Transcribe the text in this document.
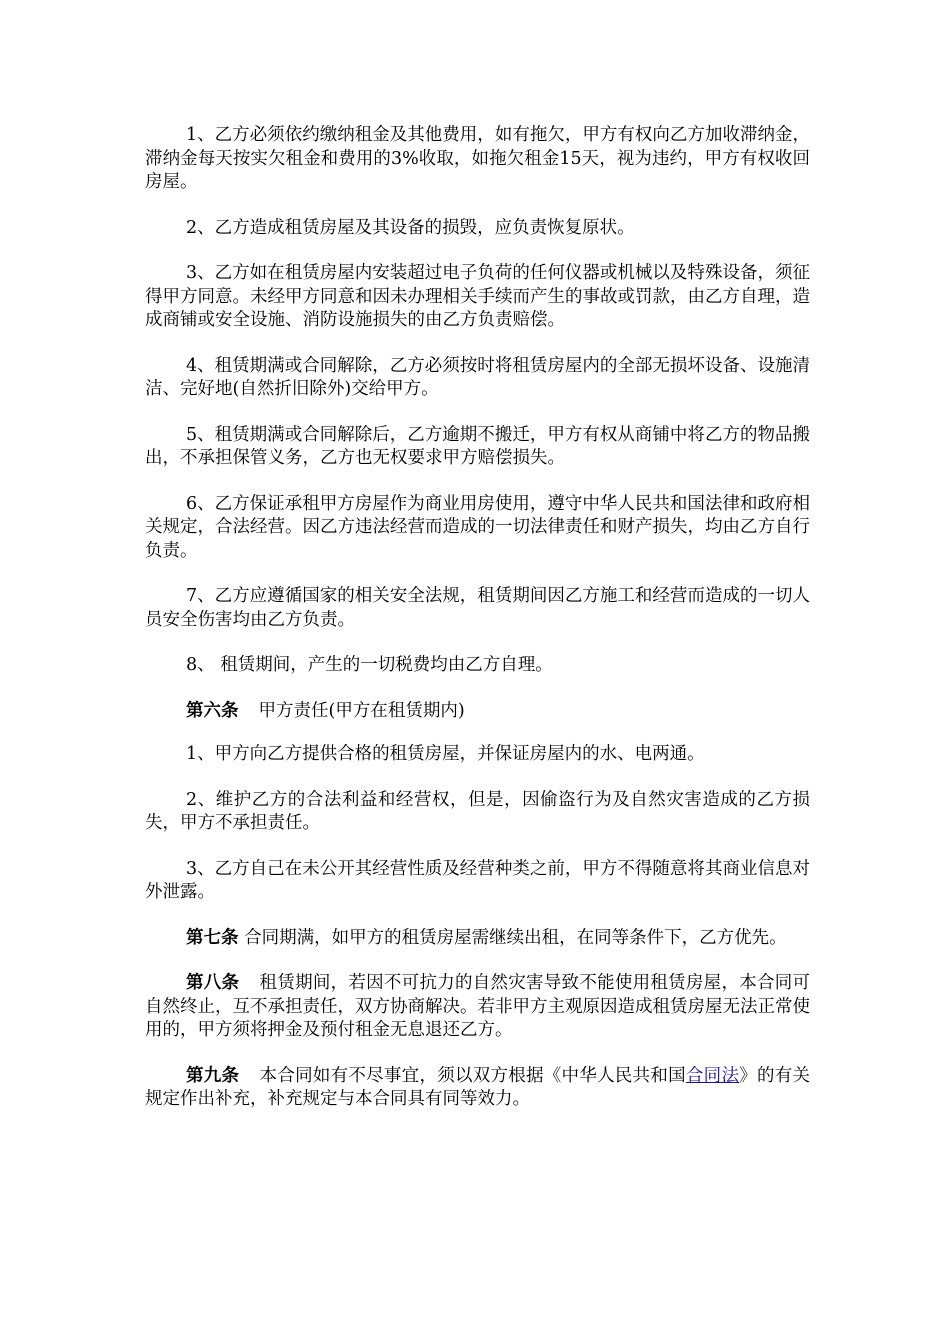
1、乙方必须依约缴纳租金及其他费用，如有拖欠，甲方有权向乙方加收滞纳金，滞纳金每天按实欠租金和费用的3%收取，如拖欠租金15天，视为违约，甲方有权收回房屋。

2、乙方造成租赁房屋及其设备的损毁，应负责恢复原状。

3、乙方如在租赁房屋内安装超过电子负荷的任何仪器或机械以及特殊设备，须征得甲方同意。未经甲方同意和因未办理相关手续而产生的事故或罚款，由乙方自理，造成商铺或安全设施、消防设施损失的由乙方负责赔偿。

4、租赁期满或合同解除，乙方必须按时将租赁房屋内的全部无损坏设备、设施清洁、完好地(自然折旧除外)交给甲方。

5、租赁期满或合同解除后，乙方逾期不搬迁，甲方有权从商铺中将乙方的物品搬出，不承担保管义务，乙方也无权要求甲方赔偿损失。

6、乙方保证承租甲方房屋作为商业用房使用，遵守中华人民共和国法律和政府相关规定，合法经营。因乙方违法经营而造成的一切法律责任和财产损失，均由乙方自行负责。

7、乙方应遵循国家的相关安全法规，租赁期间因乙方施工和经营而造成的一切人员安全伤害均由乙方负责。

8、 租赁期间，产生的一切税费均由乙方自理。

第六条 甲方责任(甲方在租赁期内)

1、甲方向乙方提供合格的租赁房屋，并保证房屋内的水、电两通。

2、维护乙方的合法利益和经营权，但是，因偷盗行为及自然灾害造成的乙方损失，甲方不承担责任。

3、乙方自己在未公开其经营性质及经营种类之前，甲方不得随意将其商业信息对外泄露。

第七条 合同期满，如甲方的租赁房屋需继续出租，在同等条件下，乙方优先。

第八条 租赁期间，若因不可抗力的自然灾害导致不能使用租赁房屋，本合同可自然终止，互不承担责任，双方协商解决。若非甲方主观原因造成租赁房屋无法正常使用的，甲方须将押金及预付租金无息退还乙方。

第九条 本合同如有不尽事宜，须以双方根据《中华人民共和国合同法》的有关规定作出补充，补充规定与本合同具有同等效力。
